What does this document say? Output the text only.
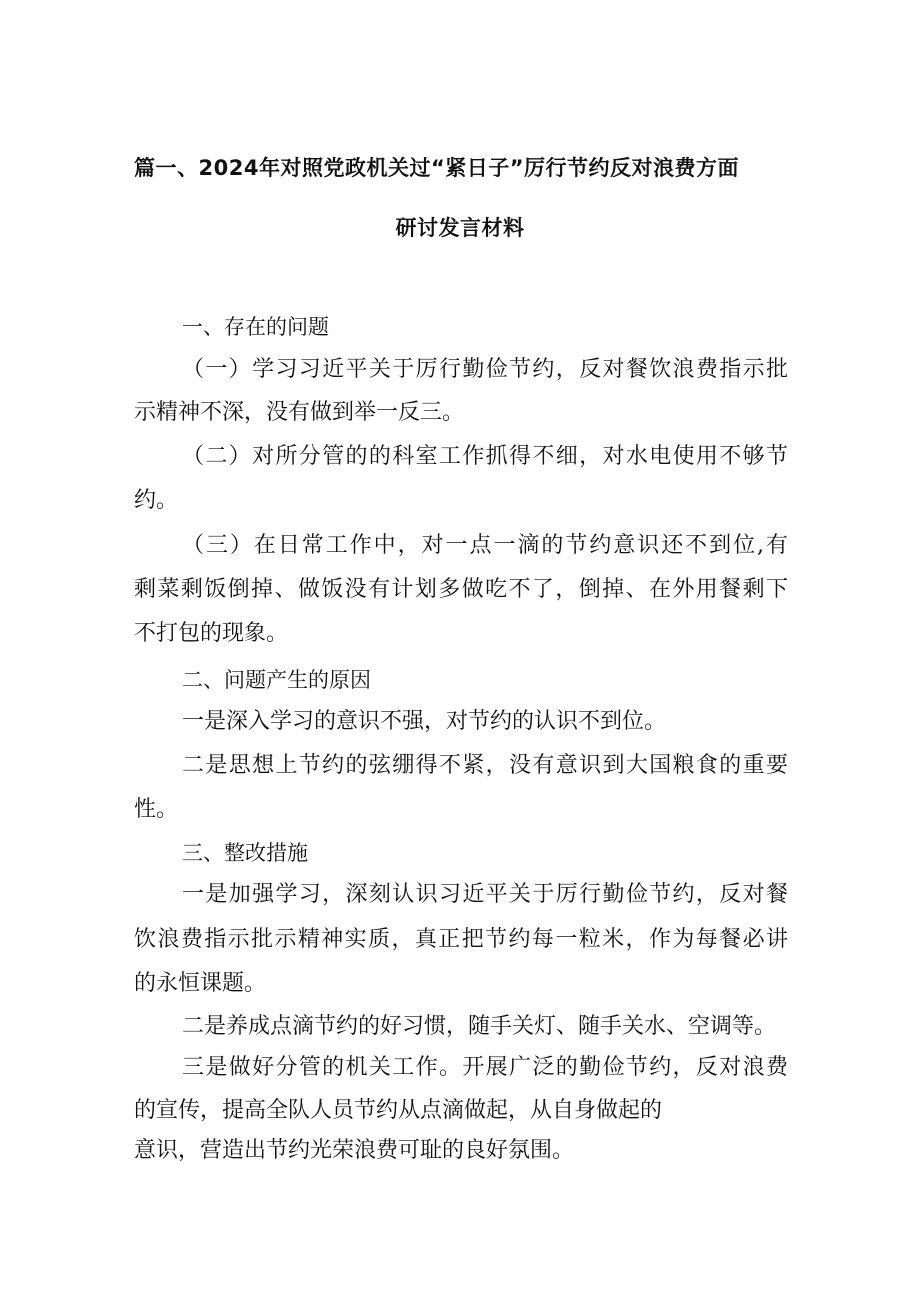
篇一、2024年对照党政机关过“紧日子”厉行节约反对浪费方面
研讨发言材料

一、存在的问题

（一）学习习近平关于厉行勤俭节约，反对餐饮浪费指示批

示精神不深，没有做到举一反三。

（二）对所分管的的科室工作抓得不细，对水电使用不够节

约。

（三）在日常工作中，对一点一滴的节约意识还不到位,有

剩菜剩饭倒掉、做饭没有计划多做吃不了，倒掉、在外用餐剩下

不打包的现象。

二、问题产生的原因

一是深入学习的意识不强，对节约的认识不到位。

二是思想上节约的弦绷得不紧，没有意识到大国粮食的重要

性。

三、整改措施

一是加强学习，深刻认识习近平关于厉行勤俭节约，反对餐

饮浪费指示批示精神实质，真正把节约每一粒米，作为每餐必讲

的永恒课题。

二是养成点滴节约的好习惯，随手关灯、随手关水、空调等。

三是做好分管的机关工作。开展广泛的勤俭节约，反对浪费

的宣传，提高全队人员节约从点滴做起，从自身做起的

意识，营造出节约光荣浪费可耻的良好氛围。
